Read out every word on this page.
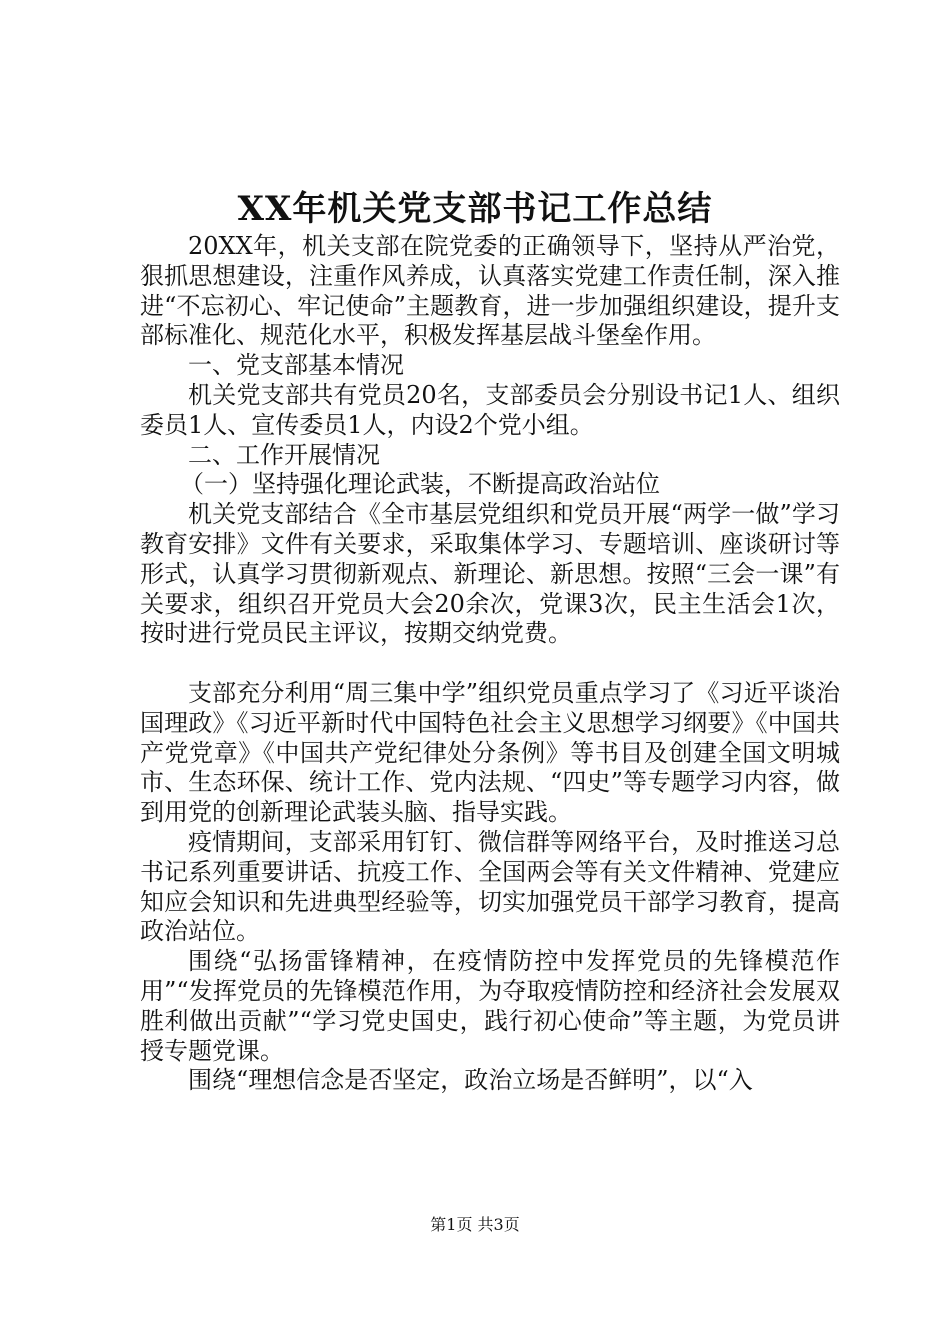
XX年机关党支部书记工作总结

20XX年，机关支部在院党委的正确领导下，坚持从严治党，狠抓思想建设，注重作风养成，认真落实党建工作责任制，深入推进“不忘初心、牢记使命”主题教育，进一步加强组织建设，提升支部标准化、规范化水平，积极发挥基层战斗堡垒作用。

一、党支部基本情况

机关党支部共有党员20名，支部委员会分别设书记1人、组织委员1人、宣传委员1人，内设2个党小组。

二、工作开展情况

（一）坚持强化理论武装，不断提高政治站位

机关党支部结合《全市基层党组织和党员开展“两学一做”学习教育安排》文件有关要求，采取集体学习、专题培训、座谈研讨等形式，认真学习贯彻新观点、新理论、新思想。按照“三会一课”有关要求，组织召开党员大会20余次，党课3次，民主生活会1次，按时进行党员民主评议，按期交纳党费。

支部充分利用“周三集中学”组织党员重点学习了《习近平谈治国理政》《习近平新时代中国特色社会主义思想学习纲要》《中国共产党党章》《中国共产党纪律处分条例》等书目及创建全国文明城市、生态环保、统计工作、党内法规、“四史”等专题学习内容，做到用党的创新理论武装头脑、指导实践。

疫情期间，支部采用钉钉、微信群等网络平台，及时推送习总书记系列重要讲话、抗疫工作、全国两会等有关文件精神、党建应知应会知识和先进典型经验等，切实加强党员干部学习教育，提高政治站位。

围绕“弘扬雷锋精神，在疫情防控中发挥党员的先锋模范作用”“发挥党员的先锋模范作用，为夺取疫情防控和经济社会发展双胜利做出贡献”“学习党史国史，践行初心使命”等主题，为党员讲授专题党课。

围绕“理想信念是否坚定，政治立场是否鲜明”，以“入

第1页 共3页
